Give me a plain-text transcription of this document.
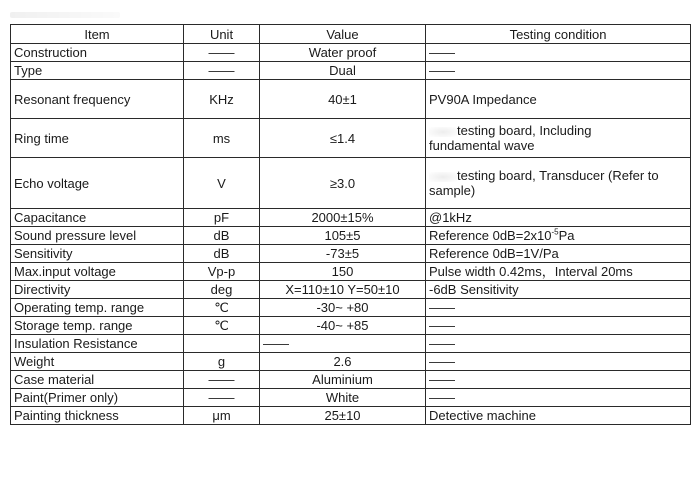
Item	Unit	Value	Testing condition
Construction	——	Water proof	——
Type	——	Dual	——
Resonant frequency	KHz	40±1	PV90A Impedance
Ring time	ms	≤1.4	testing board, Including
fundamental wave
Echo voltage	V	≥3.0	testing board, Transducer (Refer to
sample)
Capacitance	pF	2000±15%	@1kHz
Sound pressure level	dB	105±5	Reference $0dB=2x10^{-5}Pa$
Sensitivity	dB	-73±5	Reference 0dB=1V/Pa
Max.input voltage	Vp-p	150	Pulse width 0.42ms，Interval 20ms
Directivity	deg	X=110±10 Y=50±10	-6dB Sensitivity
Operating temp. range	℃	-30~ +80	——
Storage temp. range	℃	-40~ +85	——
Insulation Resistance		——	——
Weight	g	2.6	——
Case material	——	Aluminium	——
Paint(Primer only)	——	White	——
Painting thickness	μm	25±10	Detective machine
